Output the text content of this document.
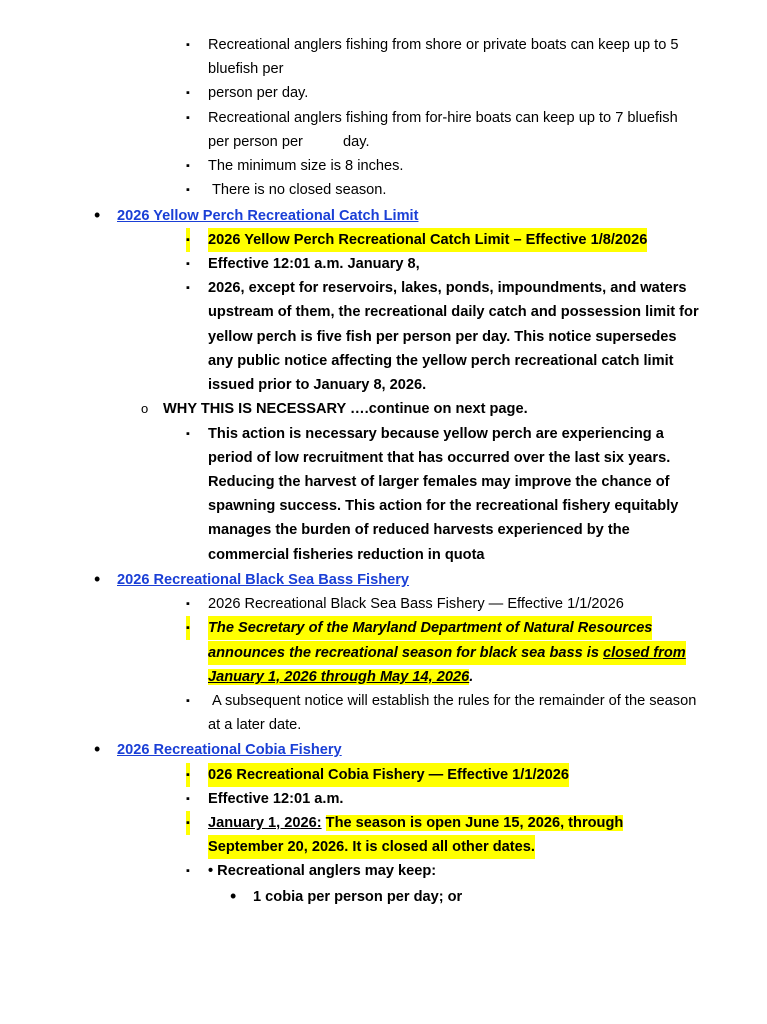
▪ Recreational anglers fishing from shore or private boats can keep up to 5
bluefish per
▪ person per day.
▪ Recreational anglers fishing from for-hire boats can keep up to 7 bluefish
per person per	day.
▪ The minimum size is 8 inches.
▪ There is no closed season.
• 2026 Yellow Perch Recreational Catch Limit
▪ 2026 Yellow Perch Recreational Catch Limit – Effective 1/8/2026
▪ Effective 12:01 a.m. January 8,
▪ 2026, except for reservoirs, lakes, ponds, impoundments, and waters
upstream of them, the recreational daily catch and possession limit for
yellow perch is five fish per person per day. This notice supersedes
any public notice affecting the yellow perch recreational catch limit
issued prior to January 8, 2026.
o WHY THIS IS NECESSARY ….continue on next page.
▪ This action is necessary because yellow perch are experiencing a
period of low recruitment that has occurred over the last six years.
Reducing the harvest of larger females may improve the chance of
spawning success. This action for the recreational fishery equitably
manages the burden of reduced harvests experienced by the
commercial fisheries reduction in quota
• 2026 Recreational Black Sea Bass Fishery
▪ 2026 Recreational Black Sea Bass Fishery — Effective 1/1/2026
▪ The Secretary of the Maryland Department of Natural Resources
announces the recreational season for black sea bass is closed from
January 1, 2026 through May 14, 2026.
▪ A subsequent notice will establish the rules for the remainder of the season
at a later date.
• 2026 Recreational Cobia Fishery
▪ 026 Recreational Cobia Fishery — Effective 1/1/2026
▪ Effective 12:01 a.m.
▪ January 1, 2026: The season is open June 15, 2026, through
September 20, 2026. It is closed all other dates.
▪ • Recreational anglers may keep:
• 1 cobia per person per day; or
